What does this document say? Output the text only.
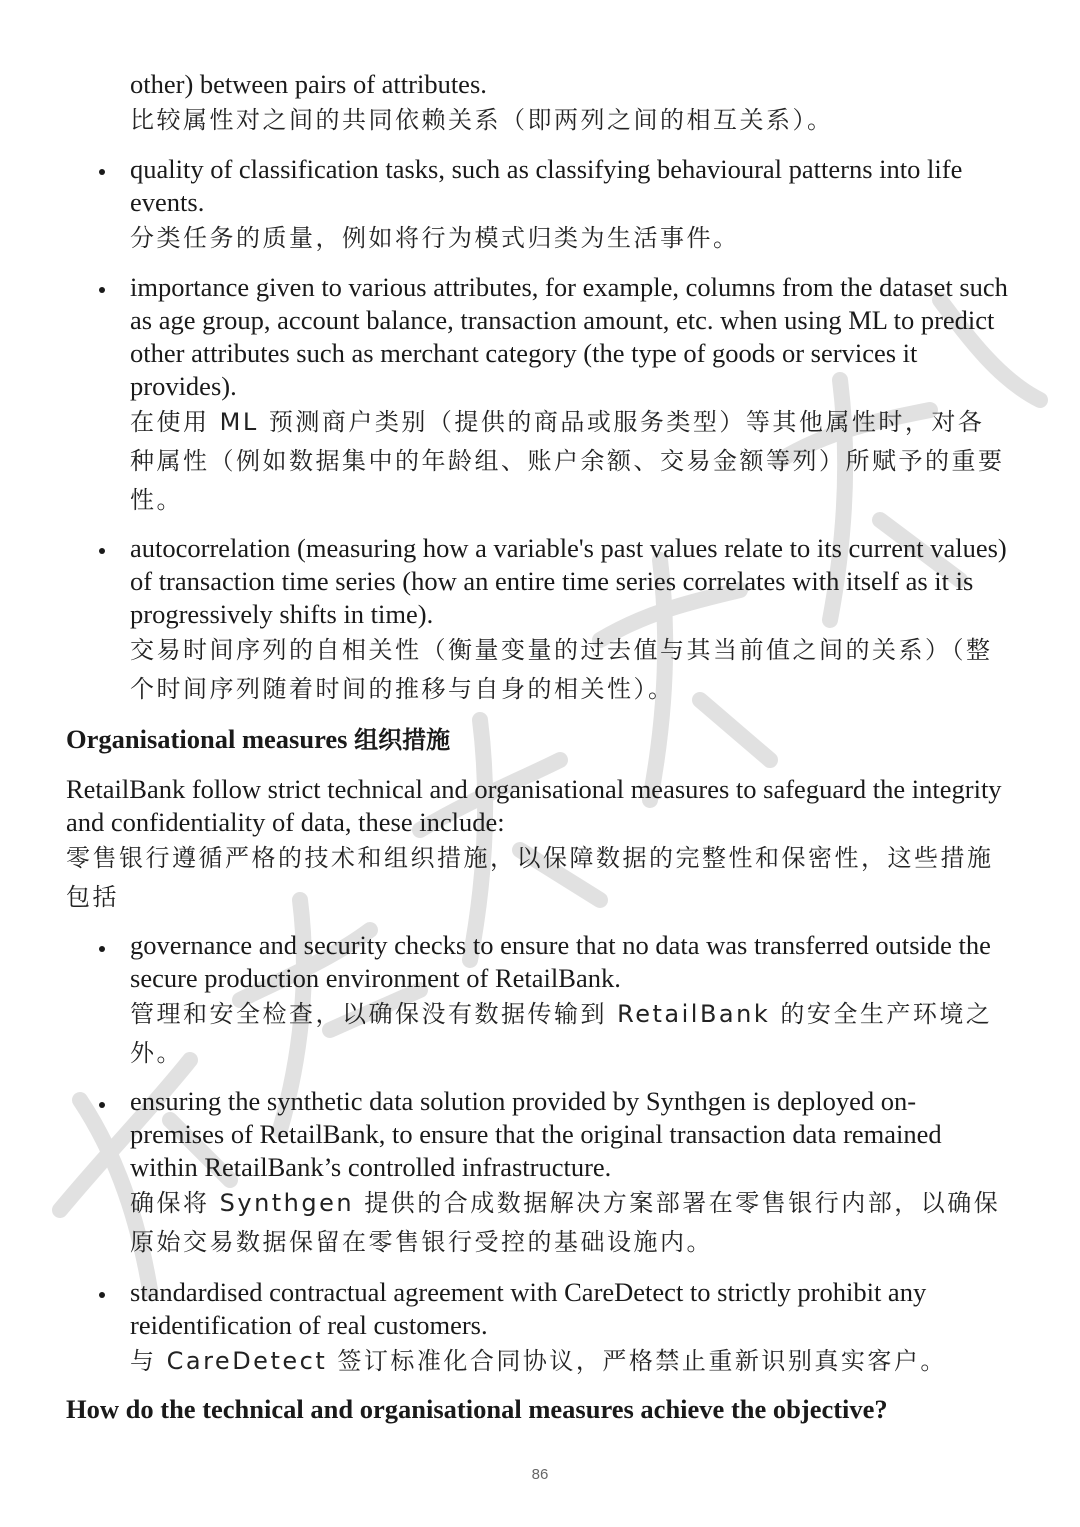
other) between pairs of attributes.

比较属性对之间的共同依赖关系（即两列之间的相互关系）。

quality of classification tasks, such as classifying behavioural patterns into life events.

分类任务的质量，例如将行为模式归类为生活事件。

importance given to various attributes, for example, columns from the dataset such as age group, account balance, transaction amount, etc. when using ML to predict other attributes such as merchant category (the type of goods or services it provides).

在使用 ML 预测商户类别（提供的商品或服务类型）等其他属性时，对各种属性（例如数据集中的年龄组、账户余额、交易金额等列）所赋予的重要性。

autocorrelation (measuring how a variable's past values relate to its current values) of transaction time series (how an entire time series correlates with itself as it is progressively shifts in time).

交易时间序列的自相关性（衡量变量的过去值与其当前值之间的关系）（整个时间序列随着时间的推移与自身的相关性）。

Organisational measures 组织措施

RetailBank follow strict technical and organisational measures to safeguard the integrity and confidentiality of data, these include:

零售银行遵循严格的技术和组织措施，以保障数据的完整性和保密性，这些措施包括

governance and security checks to ensure that no data was transferred outside the secure production environment of RetailBank.

管理和安全检查，以确保没有数据传输到 RetailBank 的安全生产环境之外。

ensuring the synthetic data solution provided by Synthgen is deployed on-premises of RetailBank, to ensure that the original transaction data remained within RetailBank’s controlled infrastructure.

确保将 Synthgen 提供的合成数据解决方案部署在零售银行内部，以确保原始交易数据保留在零售银行受控的基础设施内。

standardised contractual agreement with CareDetect to strictly prohibit any reidentification of real customers.

与 CareDetect 签订标准化合同协议，严格禁止重新识别真实客户。

How do the technical and organisational measures achieve the objective?

86
